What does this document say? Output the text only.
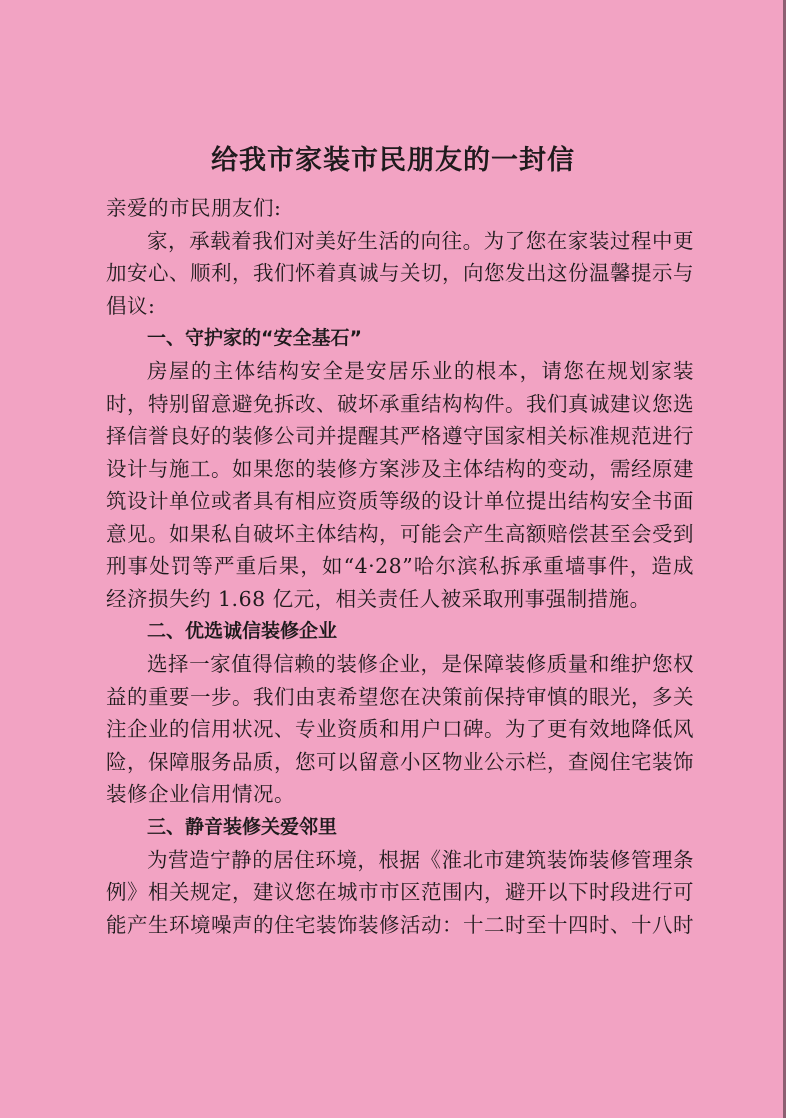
给我市家装市民朋友的一封信

亲爱的市民朋友们:

家，承载着我们对美好生活的向往。为了您在家装过程中更加安心、顺利，我们怀着真诚与关切，向您发出这份温馨提示与倡议:

一、守护家的“安全基石”

房屋的主体结构安全是安居乐业的根本，请您在规划家装时，特别留意避免拆改、破坏承重结构构件。我们真诚建议您选择信誉良好的装修公司并提醒其严格遵守国家相关标准规范进行设计与施工。如果您的装修方案涉及主体结构的变动，需经原建筑设计单位或者具有相应资质等级的设计单位提出结构安全书面意见。如果私自破坏主体结构，可能会产生高额赔偿甚至会受到刑事处罚等严重后果，如“4·28”哈尔滨私拆承重墙事件，造成经济损失约 1.68 亿元，相关责任人被采取刑事强制措施。

二、优选诚信装修企业

选择一家值得信赖的装修企业，是保障装修质量和维护您权益的重要一步。我们由衷希望您在决策前保持审慎的眼光，多关注企业的信用状况、专业资质和用户口碑。为了更有效地降低风险，保障服务品质，您可以留意小区物业公示栏，查阅住宅装饰装修企业信用情况。

三、静音装修关爱邻里

为营造宁静的居住环境，根据《淮北市建筑装饰装修管理条例》相关规定，建议您在城市市区范围内，避开以下时段进行可能产生环境噪声的住宅装饰装修活动：十二时至十四时、十八时
